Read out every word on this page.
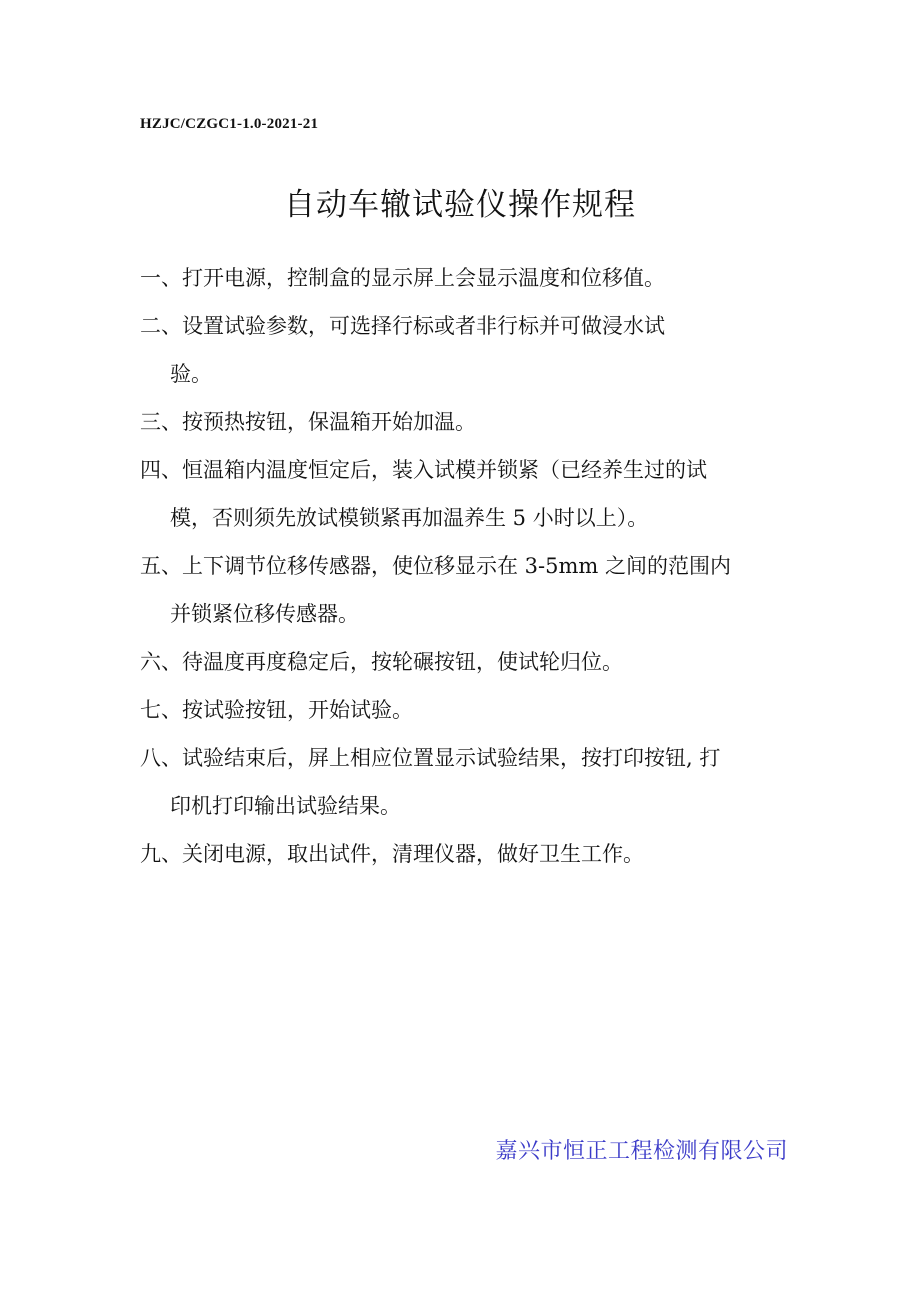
HZJC/CZGC1-1.0-2021-21
自动车辙试验仪操作规程
一、打开电源，控制盒的显示屏上会显示温度和位移值。
二、设置试验参数，可选择行标或者非行标并可做浸水试
验。
三、按预热按钮，保温箱开始加温。
四、恒温箱内温度恒定后，装入试模并锁紧（已经养生过的试
模，否则须先放试模锁紧再加温养生 5 小时以上）。
五、上下调节位移传感器，使位移显示在 3-5mm 之间的范围内
并锁紧位移传感器。
六、待温度再度稳定后，按轮碾按钮，使试轮归位。
七、按试验按钮，开始试验。
八、试验结束后，屏上相应位置显示试验结果，按打印按钮, 打
印机打印输出试验结果。
九、关闭电源，取出试件，清理仪器，做好卫生工作。
嘉兴市恒正工程检测有限公司
